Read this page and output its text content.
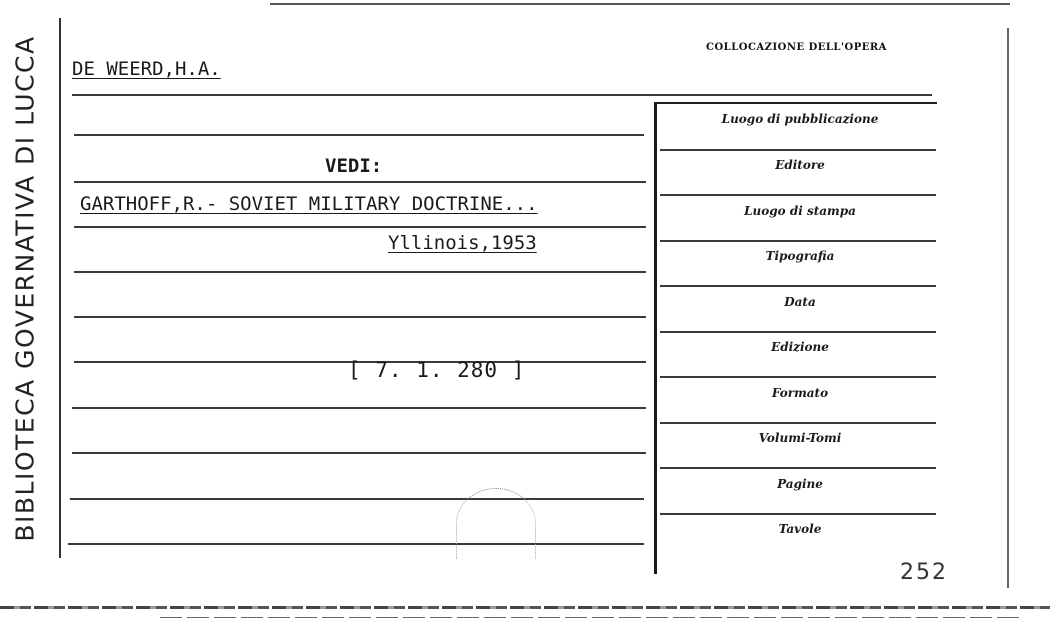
BIBLIOTECA GOVERNATIVA DI LUCCA DE WEERD,H.A.
VEDI:
GARTHOFF,R.- SOVIET MILITARY DOCTRINE...
Yllinois,1953
[ 7. 1. 280 ]
COLLOCAZIONE DELL'OPERA
Luogo di pubblicazione
Editore
Luogo di stampa
Tipografia
Data
Edizione
Formato
Volumi-Tomi
Pagine
Tavole
252
